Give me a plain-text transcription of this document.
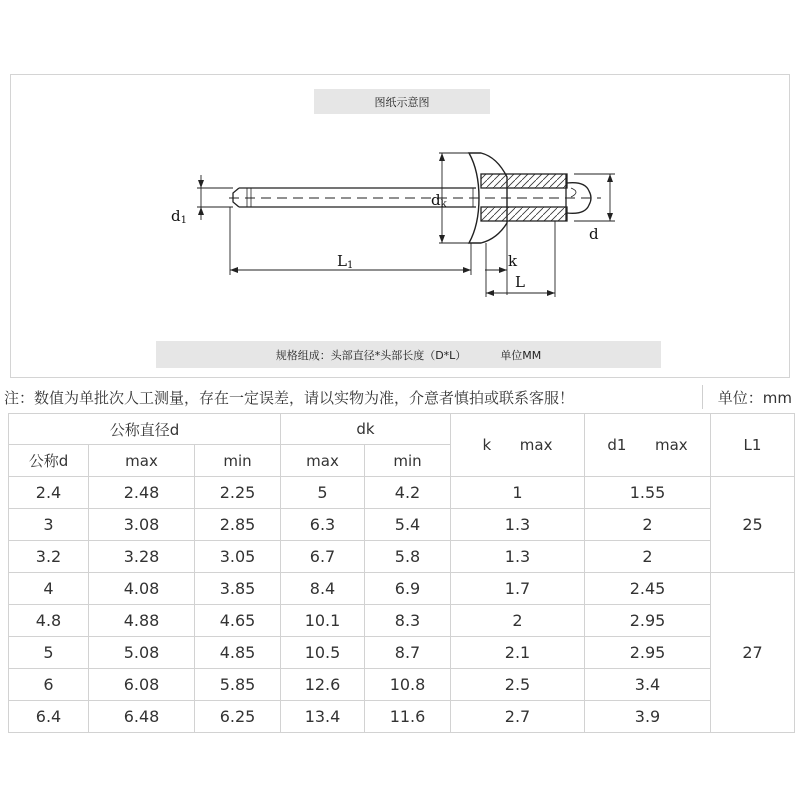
图纸示意图
d1
dk
d
L1	k
L
规格组成：头部直径*头部长度（D*L）	单位MM
注：数值为单批次人工测量，存在一定误差，请以实物为准，介意者慎拍或联系客服！	单位：mm
公称直径d			dk		k      max	d1      max	L1
公称d	max	min	max	min			
2.4	2.48	2.25	5	4.2	1	1.55	25
3	3.08	2.85	6.3	5.4	1.3	2	
3.2	3.28	3.05	6.7	5.8	1.3	2	
4	4.08	3.85	8.4	6.9	1.7	2.45	27
4.8	4.88	4.65	10.1	8.3	2	2.95	
5	5.08	4.85	10.5	8.7	2.1	2.95	
6	6.08	5.85	12.6	10.8	2.5	3.4	
6.4	6.48	6.25	13.4	11.6	2.7	3.9	
